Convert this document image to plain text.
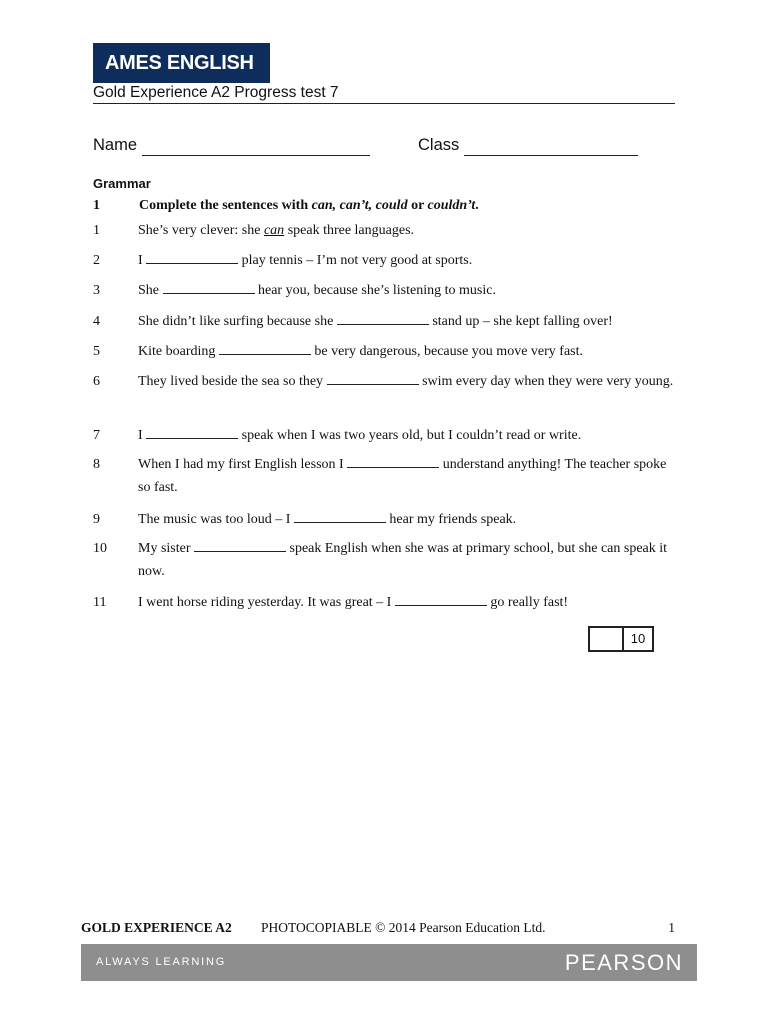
AMES ENGLISH
Gold Experience A2 Progress test 7
Name	Class
Grammar
1	Complete the sentences with can, can’t, could or couldn’t.
1	She’s very clever: she can speak three languages.
2	I	play tennis – I’m not very good at sports.
3	She	hear you, because she’s listening to music.
4	She didn’t like surfing because she	stand up – she kept falling over!
5	Kite boarding	be very dangerous, because you move very fast.
6	They lived beside the sea so they	swim every day when they were very young.
7	I	speak when I was two years old, but I couldn’t read or write.
8	When I had my first English lesson I	understand anything! The teacher spoke so fast.
9	The music was too loud – I	hear my friends speak.
10 My sister	speak English when she was at primary school, but she can speak it now.
11 I went horse riding yesterday. It was great – I	go really fast!
10
GOLD EXPERIENCE A2 PHOTOCOPIABLE © 2014 Pearson Education Ltd.	1
ALWAYS LEARNING	PEARSON
